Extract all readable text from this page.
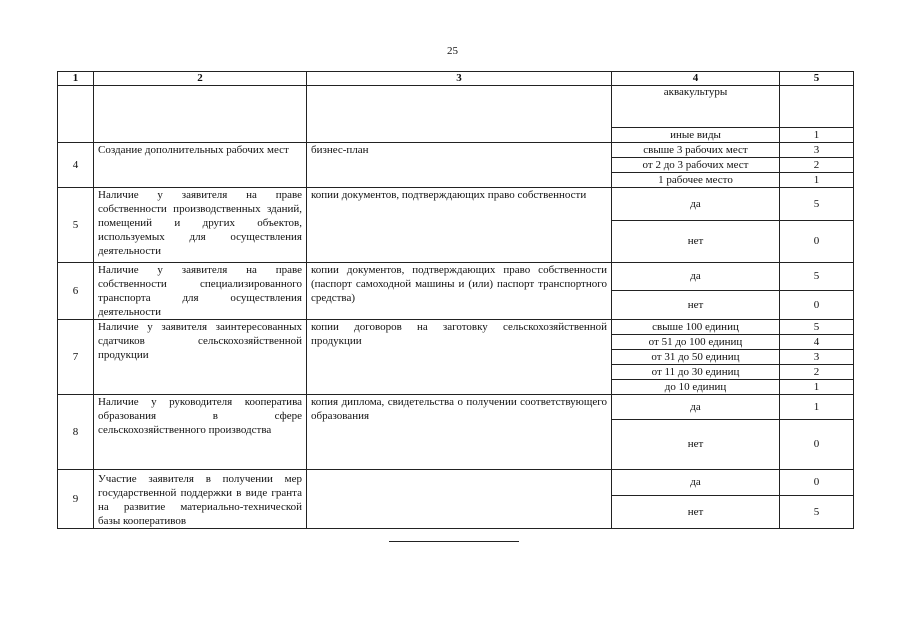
25
1	2	3	4	5
			аквакультуры	
			иные виды	1
4	Создание дополнительных рабочих мест	бизнес-план	свыше 3 рабочих мест	3
			от 2 до 3 рабочих мест	2
			1 рабочее место	1
5	Наличие у заявителя на праве собственности производственных зданий, помещений и других объектов, используемых для осуществления деятельности	копии документов, подтверждающих право собственности	да	5
			нет	0
6	Наличие у заявителя на праве собственности специализированного транспорта для осуществления деятельности	копии документов, подтверждающих право собственности (паспорт самоходной машины и (или) паспорт транспортного средства)	да	5
			нет	0
7	Наличие у заявителя заинтересованных сдатчиков сельскохозяйственной продукции	копии договоров на заготовку сельскохозяйственной продукции	свыше 100 единиц	5
			от 51 до 100 единиц	4
			от 31 до 50 единиц	3
			от 11 до 30 единиц	2
			до 10 единиц	1
8	Наличие у руководителя кооператива образования в сфере сельскохозяйственного производства	копия диплома, свидетельства о получении соответствующего образования	да	1
			нет	0
9	Участие заявителя в получении мер государственной поддержки в виде гранта на развитие материально-технической базы кооперативов		да	0
			нет	5
